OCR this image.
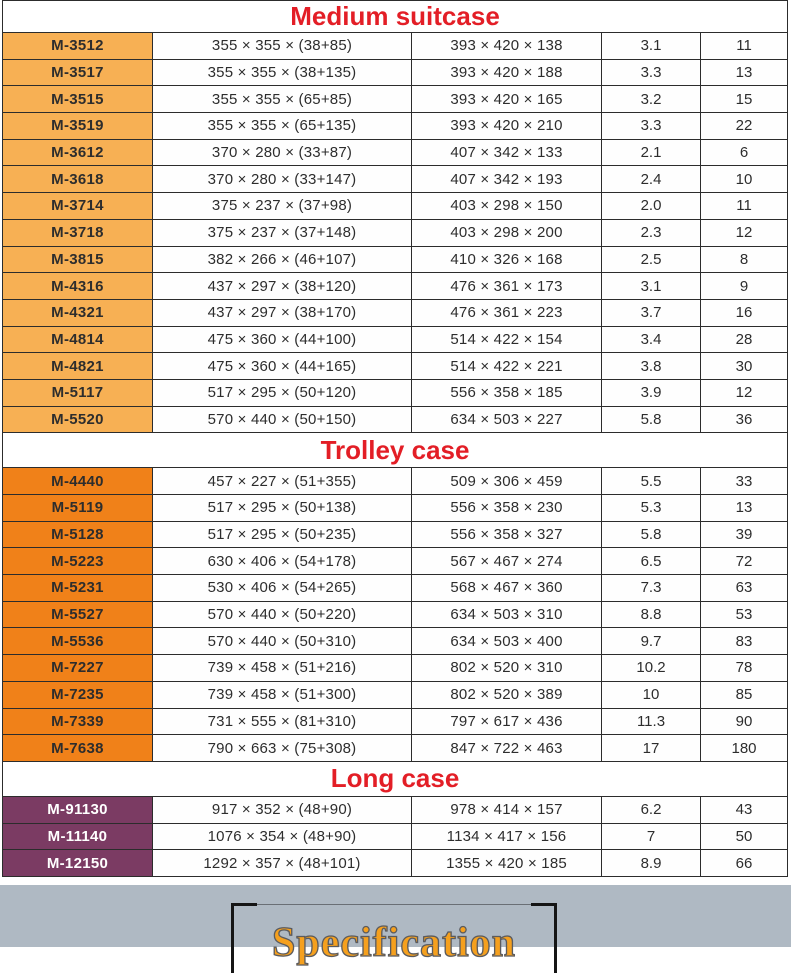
Medium suitcase				
M-3512	355 × 355 × (38+85)	393 × 420 × 138	3.1	11
M-3517	355 × 355 × (38+135)	393 × 420 × 188	3.3	13
M-3515	355 × 355 × (65+85)	393 × 420 × 165	3.2	15
M-3519	355 × 355 × (65+135)	393 × 420 × 210	3.3	22
M-3612	370 × 280 × (33+87)	407 × 342 × 133	2.1	6
M-3618	370 × 280 × (33+147)	407 × 342 × 193	2.4	10
M-3714	375 × 237 × (37+98)	403 × 298 × 150	2.0	11
M-3718	375 × 237 × (37+148)	403 × 298 × 200	2.3	12
M-3815	382 × 266 × (46+107)	410 × 326 × 168	2.5	8
M-4316	437 × 297 × (38+120)	476 × 361 × 173	3.1	9
M-4321	437 × 297 × (38+170)	476 × 361 × 223	3.7	16
M-4814	475 × 360 × (44+100)	514 × 422 × 154	3.4	28
M-4821	475 × 360 × (44+165)	514 × 422 × 221	3.8	30
M-5117	517 × 295 × (50+120)	556 × 358 × 185	3.9	12
M-5520	570 × 440 × (50+150)	634 × 503 × 227	5.8	36
Trolley case				
M-4440	457 × 227 × (51+355)	509 × 306 × 459	5.5	33
M-5119	517 × 295 × (50+138)	556 × 358 × 230	5.3	13
M-5128	517 × 295 × (50+235)	556 × 358 × 327	5.8	39
M-5223	630 × 406 × (54+178)	567 × 467 × 274	6.5	72
M-5231	530 × 406 × (54+265)	568 × 467 × 360	7.3	63
M-5527	570 × 440 × (50+220)	634 × 503 × 310	8.8	53
M-5536	570 × 440 × (50+310)	634 × 503 × 400	9.7	83
M-7227	739 × 458 × (51+216)	802 × 520 × 310	10.2	78
M-7235	739 × 458 × (51+300)	802 × 520 × 389	10	85
M-7339	731 × 555 × (81+310)	797 × 617 × 436	11.3	90
M-7638	790 × 663 × (75+308)	847 × 722 × 463	17	180
Long case				
M-91130	917 × 352 × (48+90)	978 × 414 × 157	6.2	43
M-11140	1076 × 354 × (48+90)	1134 × 417 × 156	7	50
M-12150	1292 × 357 × (48+101)	1355 × 420 × 185	8.9	66
Specification
